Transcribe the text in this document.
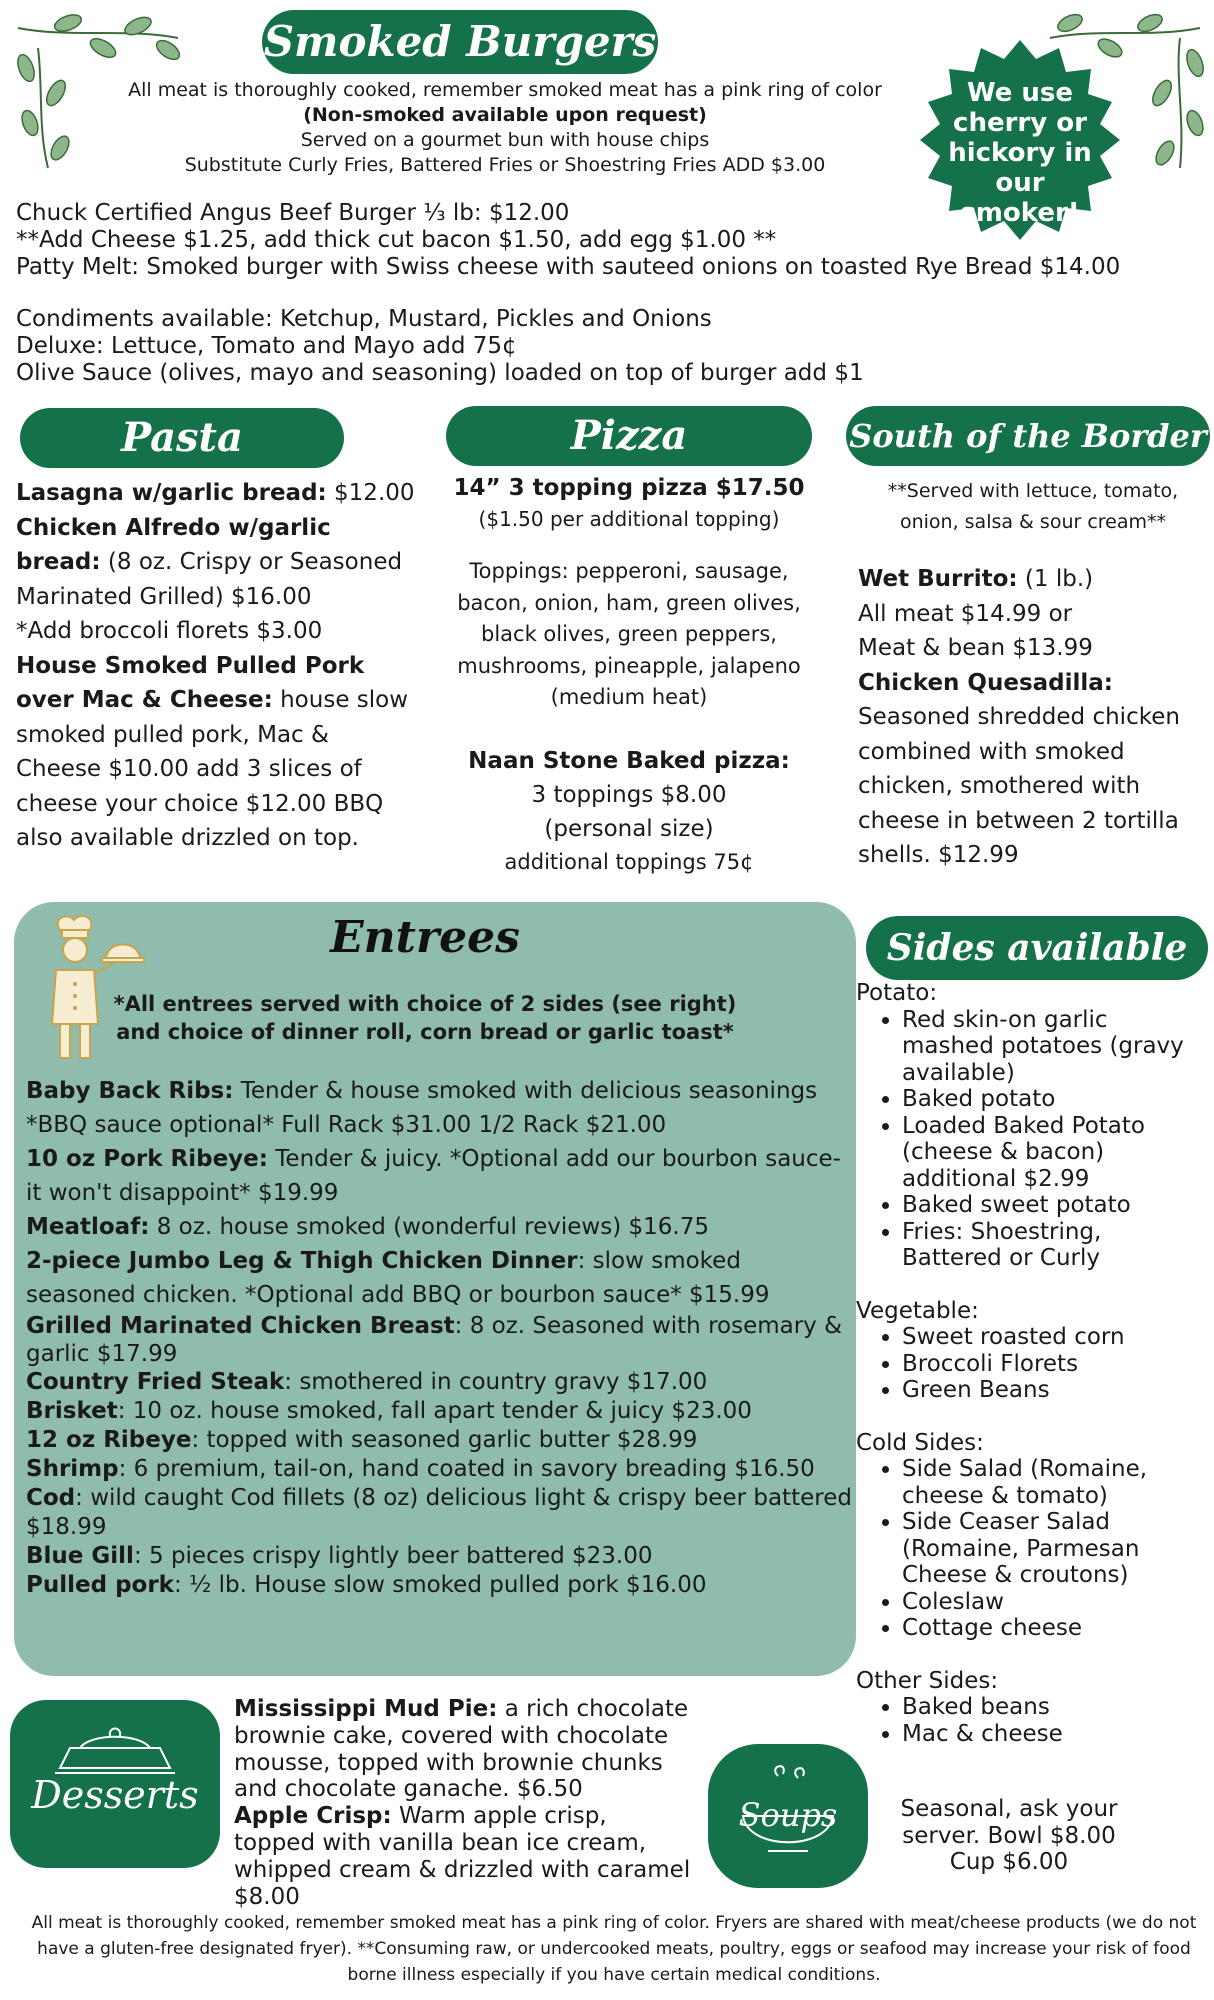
Smoked Burgers
All meat is thoroughly cooked, remember smoked meat has a pink ring of color
(Non-smoked available upon request)
Served on a gourmet bun with house chips
Substitute Curly Fries, Battered Fries or Shoestring Fries ADD $3.00
We use cherry or hickory in our smoker!
Chuck Certified Angus Beef Burger ⅓ lb: $12.00
**Add Cheese $1.25, add thick cut bacon $1.50, add egg $1.00 **
Patty Melt: Smoked burger with Swiss cheese with sauteed onions on toasted Rye Bread $14.00
Condiments available: Ketchup, Mustard, Pickles and Onions
Deluxe: Lettuce, Tomato and Mayo add 75¢
Olive Sauce (olives, mayo and seasoning) loaded on top of burger add $1
Pasta
Lasagna w/garlic bread: $12.00
Chicken Alfredo w/garlic bread: (8 oz. Crispy or Seasoned Marinated Grilled) $16.00
*Add broccoli florets $3.00
House Smoked Pulled Pork over Mac & Cheese: house slow smoked pulled pork, Mac & Cheese $10.00 add 3 slices of cheese your choice $12.00 BBQ also available drizzled on top.
Pizza
14” 3 topping pizza $17.50
($1.50 per additional topping)
Toppings: pepperoni, sausage, bacon, onion, ham, green olives, black olives, green peppers, mushrooms, pineapple, jalapeno (medium heat)
Naan Stone Baked pizza:
3 toppings $8.00
(personal size)
additional toppings 75¢
South of the Border
**Served with lettuce, tomato, onion, salsa & sour cream**
Wet Burrito: (1 lb.)
All meat $14.99 or
Meat & bean $13.99
Chicken Quesadilla:
Seasoned shredded chicken combined with smoked chicken, smothered with cheese in between 2 tortilla shells. $12.99
Entrees
*All entrees served with choice of 2 sides (see right)
and choice of dinner roll, corn bread or garlic toast*
Baby Back Ribs: Tender & house smoked with delicious seasonings *BBQ sauce optional* Full Rack $31.00 1/2 Rack $21.00
10 oz Pork Ribeye: Tender & juicy. *Optional add our bourbon sauce-it won't disappoint* $19.99
Meatloaf: 8 oz. house smoked (wonderful reviews) $16.75
2-piece Jumbo Leg & Thigh Chicken Dinner: slow smoked seasoned chicken. *Optional add BBQ or bourbon sauce* $15.99
Grilled Marinated Chicken Breast: 8 oz. Seasoned with rosemary & garlic $17.99
Country Fried Steak: smothered in country gravy $17.00
Brisket: 10 oz. house smoked, fall apart tender & juicy $23.00
12 oz Ribeye: topped with seasoned garlic butter $28.99
Shrimp: 6 premium, tail-on, hand coated in savory breading $16.50
Cod: wild caught Cod fillets (8 oz) delicious light & crispy beer battered $18.99
Blue Gill: 5 pieces crispy lightly beer battered $23.00
Pulled pork: ½ lb. House slow smoked pulled pork $16.00
Sides available
Potato:
• Red skin-on garlic mashed potatoes (gravy available)
• Baked potato
• Loaded Baked Potato (cheese & bacon) additional $2.99
• Baked sweet potato
• Fries: Shoestring, Battered or Curly
Vegetable:
• Sweet roasted corn
• Broccoli Florets
• Green Beans
Cold Sides:
• Side Salad (Romaine, cheese & tomato)
• Side Ceaser Salad (Romaine, Parmesan Cheese & croutons)
• Coleslaw
• Cottage cheese
Other Sides:
• Baked beans
• Mac & cheese
Desserts
Mississippi Mud Pie: a rich chocolate brownie cake, covered with chocolate mousse, topped with brownie chunks and chocolate ganache. $6.50
Apple Crisp: Warm apple crisp, topped with vanilla bean ice cream, whipped cream & drizzled with caramel $8.00
Soups	Seasonal, ask your server. Bowl $8.00
Cup $6.00
All meat is thoroughly cooked, remember smoked meat has a pink ring of color. Fryers are shared with meat/cheese products (we do not have a gluten-free designated fryer). **Consuming raw, or undercooked meats, poultry, eggs or seafood may increase your risk of food borne illness especially if you have certain medical conditions.
